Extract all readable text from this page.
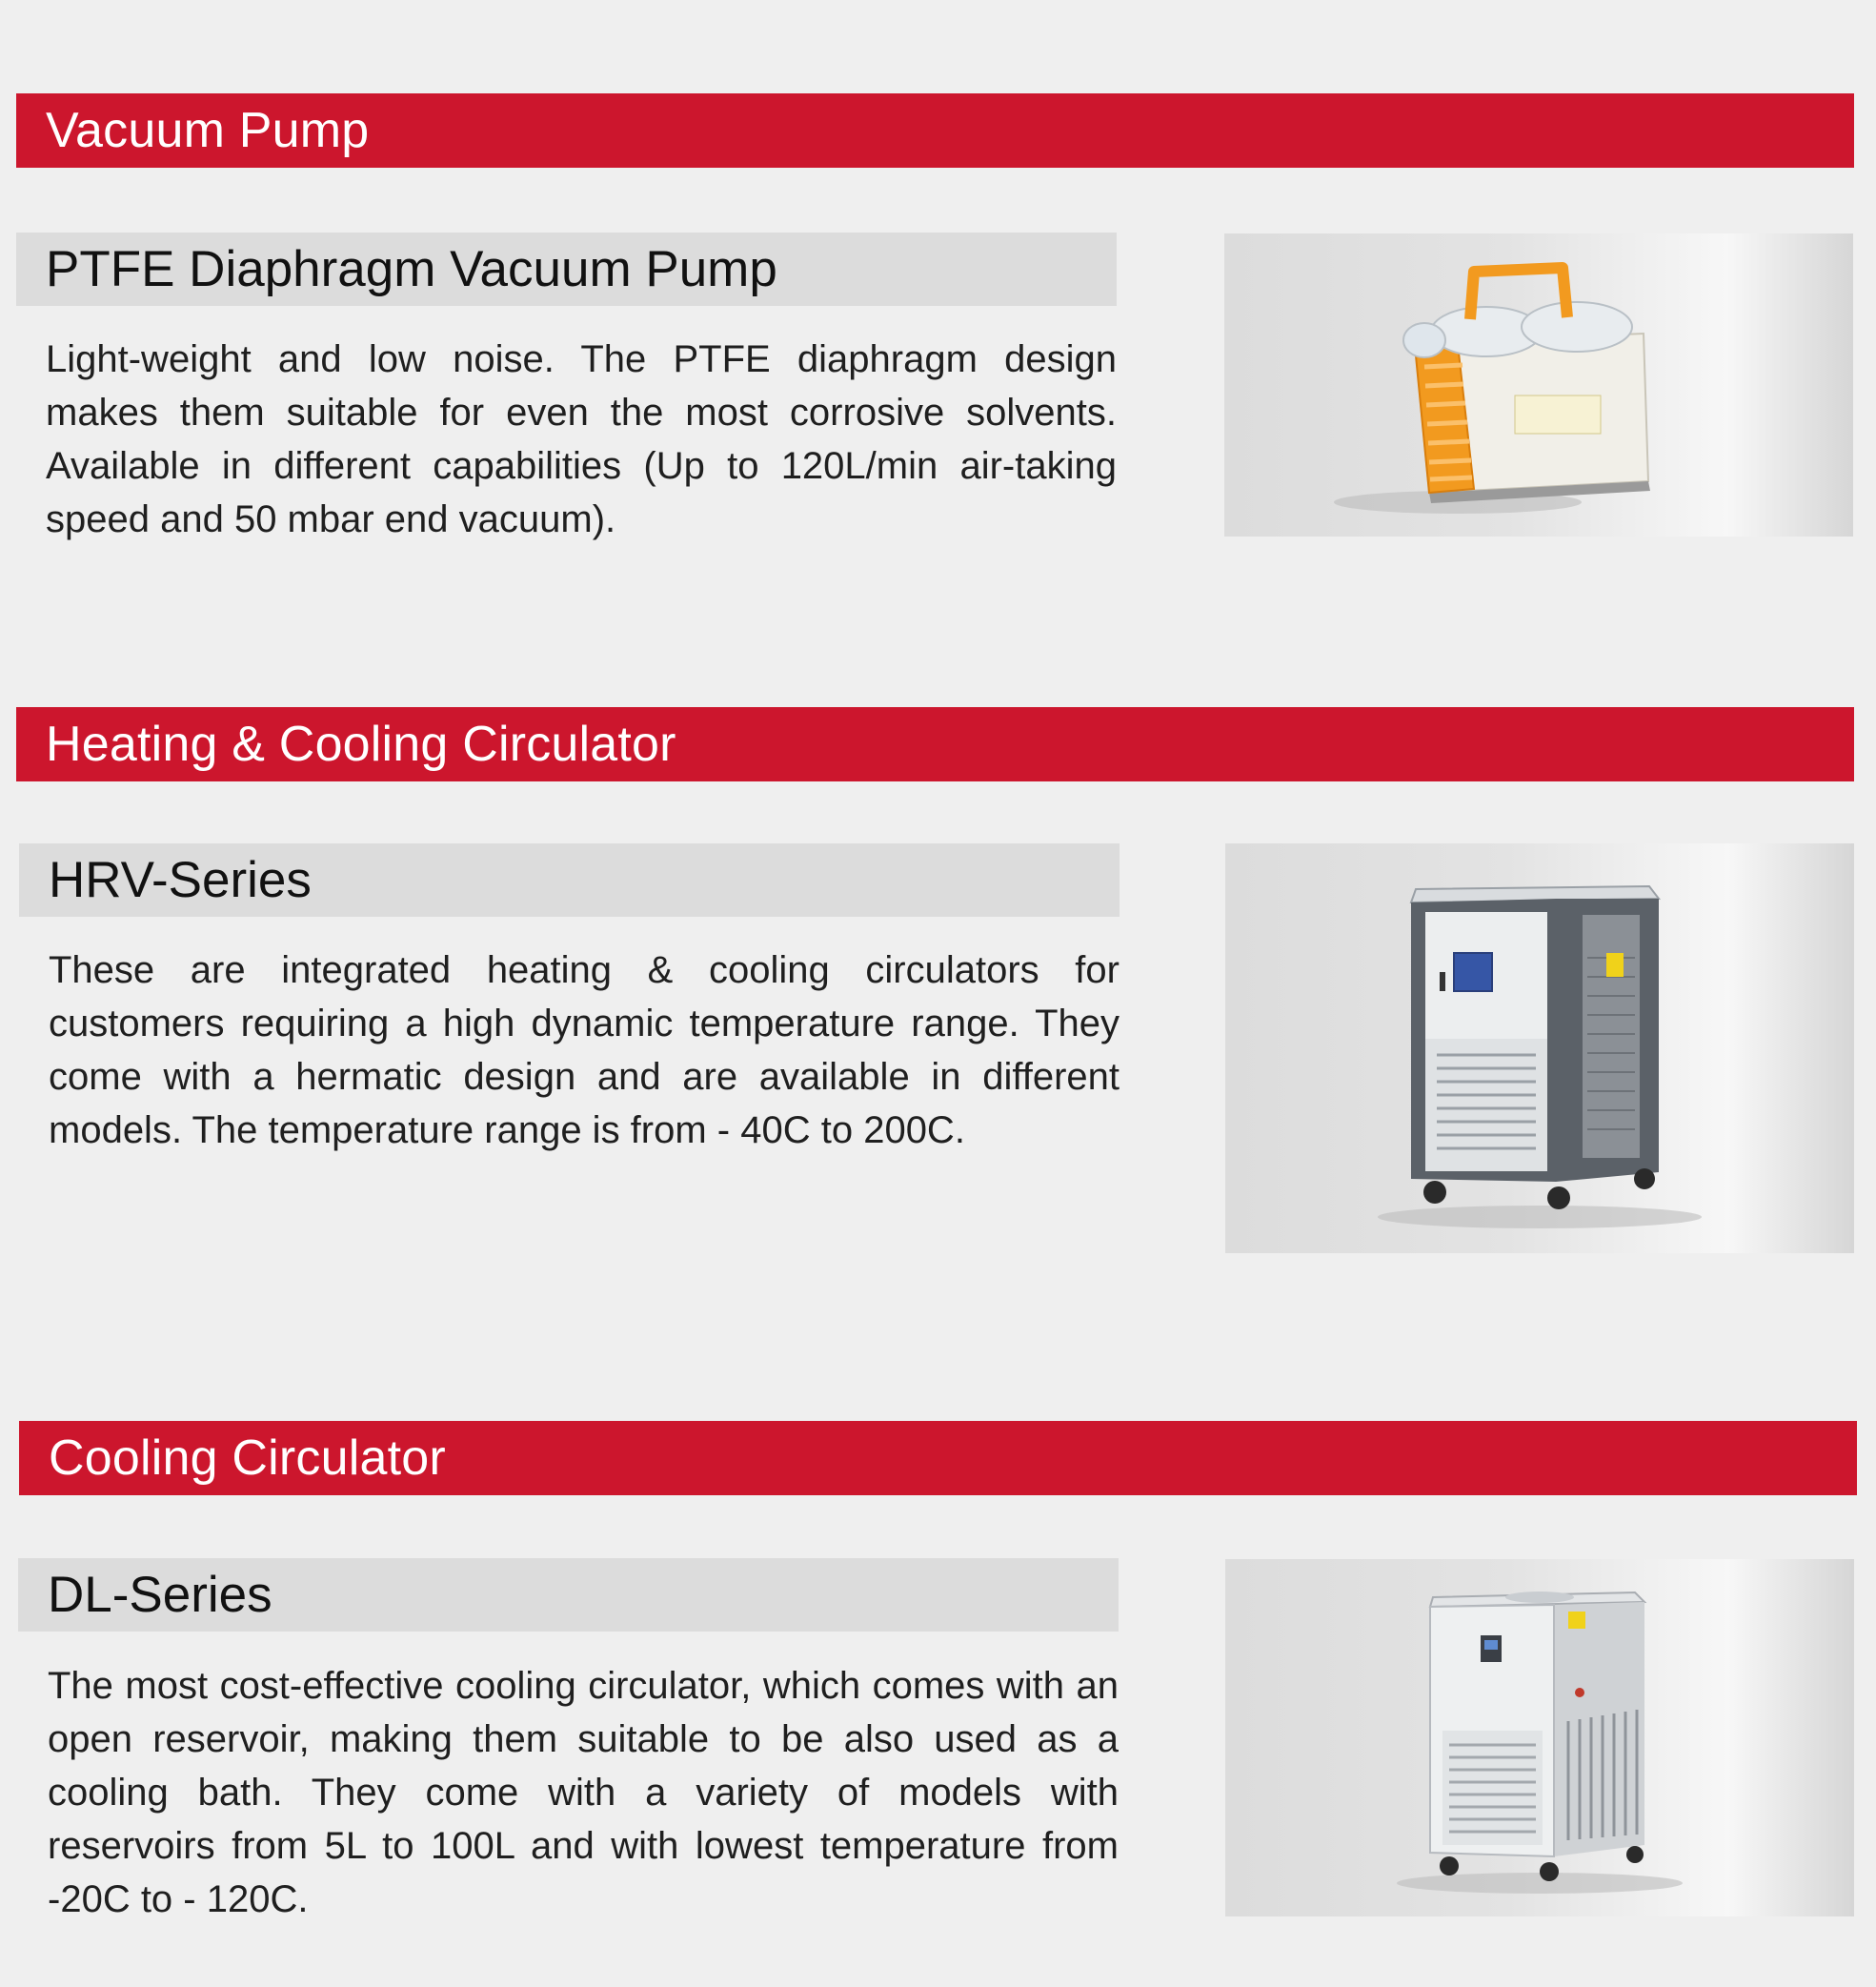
Vacuum Pump
PTFE Diaphragm Vacuum Pump

Light-weight and low noise. The PTFE diaphragm design makes them suitable for even the most corrosive solvents. Available in different capabilities (Up to 120L/min air-taking speed and 50 mbar end vacuum).

Heating & Cooling Circulator
HRV-Series

These are integrated heating & cooling circulators for customers requiring a high dynamic temperature range. They come with a hermatic design and are available in different models. The temperature range is from - 40C to 200C.

Cooling Circulator
DL-Series

The most cost-effective cooling circulator, which comes with an open reservoir, making them suitable to be also used as a cooling bath. They come with a variety of models with reservoirs from 5L to 100L and with lowest temperature from -20C to - 120C.
